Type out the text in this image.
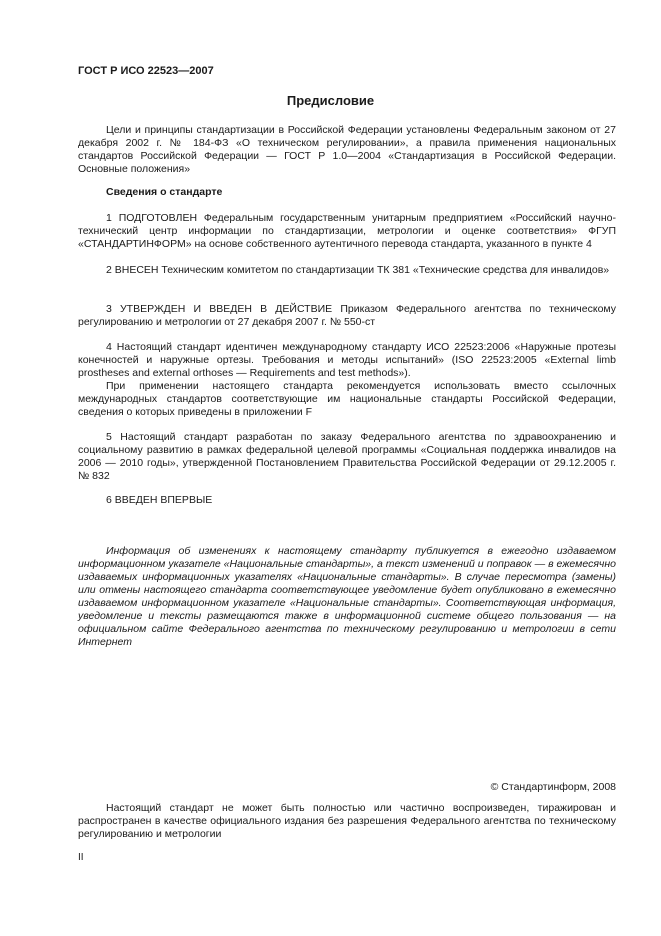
ГОСТ Р ИСО 22523—2007
Предисловие

Цели и принципы стандартизации в Российской Федерации установлены Федеральным законом от 27 декабря 2002 г. № 184-ФЗ «О техническом регулировании», а правила применения национальных стандартов Российской Федерации — ГОСТ Р 1.0—2004 «Стандартизация в Российской Федерации. Основные положения»

Сведения о стандарте

1 ПОДГОТОВЛЕН Федеральным государственным унитарным предприятием «Российский научно-технический центр информации по стандартизации, метрологии и оценке соответствия» ФГУП «СТАНДАРТИНФОРМ» на основе собственного аутентичного перевода стандарта, указанного в пункте 4

2 ВНЕСЕН Техническим комитетом по стандартизации ТК 381 «Технические средства для инвалидов»

3 УТВЕРЖДЕН И ВВЕДЕН В ДЕЙСТВИЕ Приказом Федерального агентства по техническому регулированию и метрологии от 27 декабря 2007 г. № 550-ст

4 Настоящий стандарт идентичен международному стандарту ИСО 22523:2006 «Наружные протезы конечностей и наружные ортезы. Требования и методы испытаний» (ISO 22523:2005 «External limb prostheses and external orthoses — Requirements and test methods»).

При применении настоящего стандарта рекомендуется использовать вместо ссылочных международных стандартов соответствующие им национальные стандарты Российской Федерации, сведения о которых приведены в приложении F

5 Настоящий стандарт разработан по заказу Федерального агентства по здравоохранению и социальному развитию в рамках федеральной целевой программы «Социальная поддержка инвалидов на 2006 — 2010 годы», утвержденной Постановлением Правительства Российской Федерации от 29.12.2005 г. № 832

6 ВВЕДЕН ВПЕРВЫЕ

Информация об изменениях к настоящему стандарту публикуется в ежегодно издаваемом информационном указателе «Национальные стандарты», а текст изменений и поправок — в ежемесячно издаваемых информационных указателях «Национальные стандарты». В случае пересмотра (замены) или отмены настоящего стандарта соответствующее уведомление будет опубликовано в ежемесячно издаваемом информационном указателе «Национальные стандарты». Соответствующая информация, уведомление и тексты размещаются также в информационной системе общего пользования — на официальном сайте Федерального агентства по техническому регулированию и метрологии в сети Интернет

© Стандартинформ, 2008

Настоящий стандарт не может быть полностью или частично воспроизведен, тиражирован и распространен в качестве официального издания без разрешения Федерального агентства по техническому регулированию и метрологии

II
